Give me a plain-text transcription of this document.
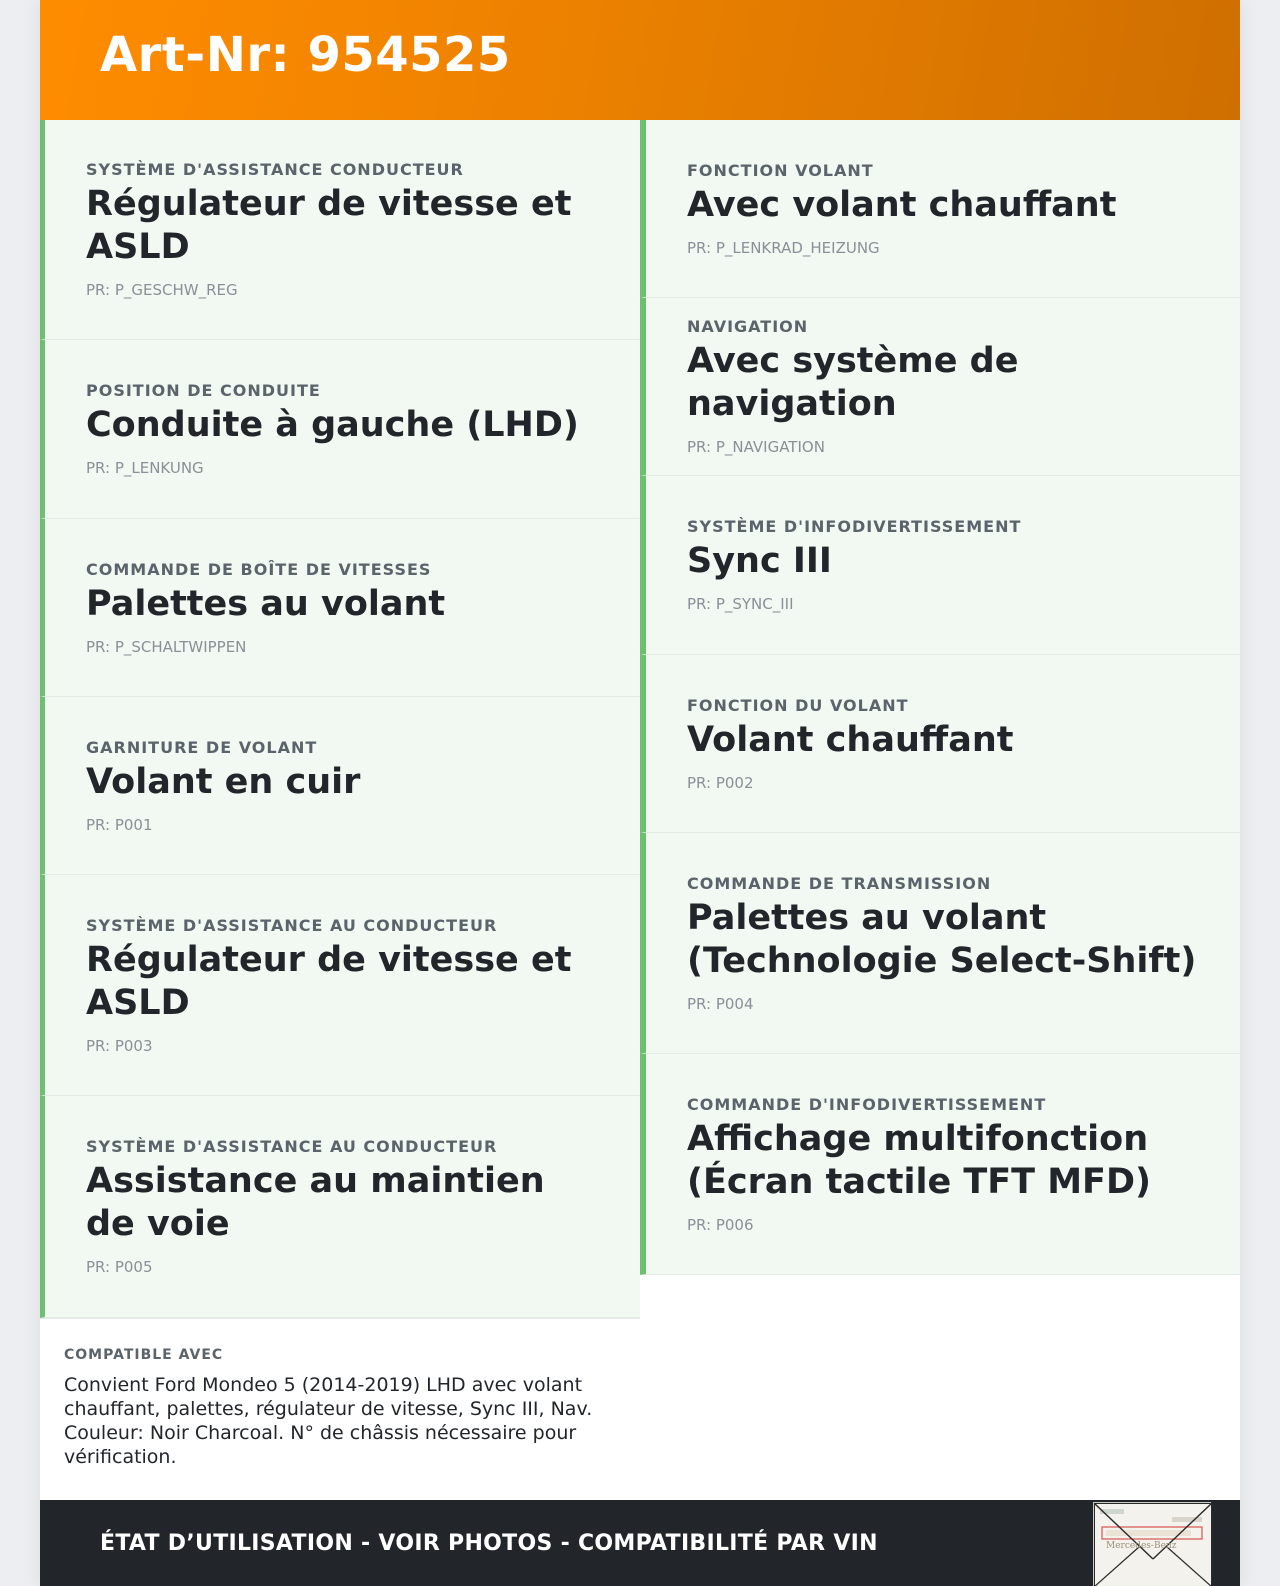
Art-Nr: 954525
SYSTÈME D'ASSISTANCE CONDUCTEUR
Régulateur de vitesse et ASLD
PR: P_GESCHW_REG
POSITION DE CONDUITE
Conduite à gauche (LHD)
PR: P_LENKUNG
COMMANDE DE BOÎTE DE VITESSES
Palettes au volant
PR: P_SCHALTWIPPEN
GARNITURE DE VOLANT
Volant en cuir
PR: P001
SYSTÈME D'ASSISTANCE AU CONDUCTEUR
Régulateur de vitesse et ASLD
PR: P003
SYSTÈME D'ASSISTANCE AU CONDUCTEUR
Assistance au maintien de voie
PR: P005
COMPATIBLE AVEC
Convient Ford Mondeo 5 (2014-2019) LHD avec volant chauffant, palettes, régulateur de vitesse, Sync III, Nav. Couleur: Noir Charcoal. N° de châssis nécessaire pour vérification.
FONCTION VOLANT
Avec volant chauffant
PR: P_LENKRAD_HEIZUNG
NAVIGATION
Avec système de navigation
PR: P_NAVIGATION
SYSTÈME D'INFODIVERTISSEMENT
Sync III
PR: P_SYNC_III
FONCTION DU VOLANT
Volant chauffant
PR: P002
COMMANDE DE TRANSMISSION
Palettes au volant (Technologie Select-Shift)
PR: P004
COMMANDE D'INFODIVERTISSEMENT
Affichage multifonction (Écran tactile TFT MFD)
PR: P006
ÉTAT D’UTILISATION - VOIR PHOTOS - COMPATIBILITÉ PAR VIN	Mercedes-Benz
